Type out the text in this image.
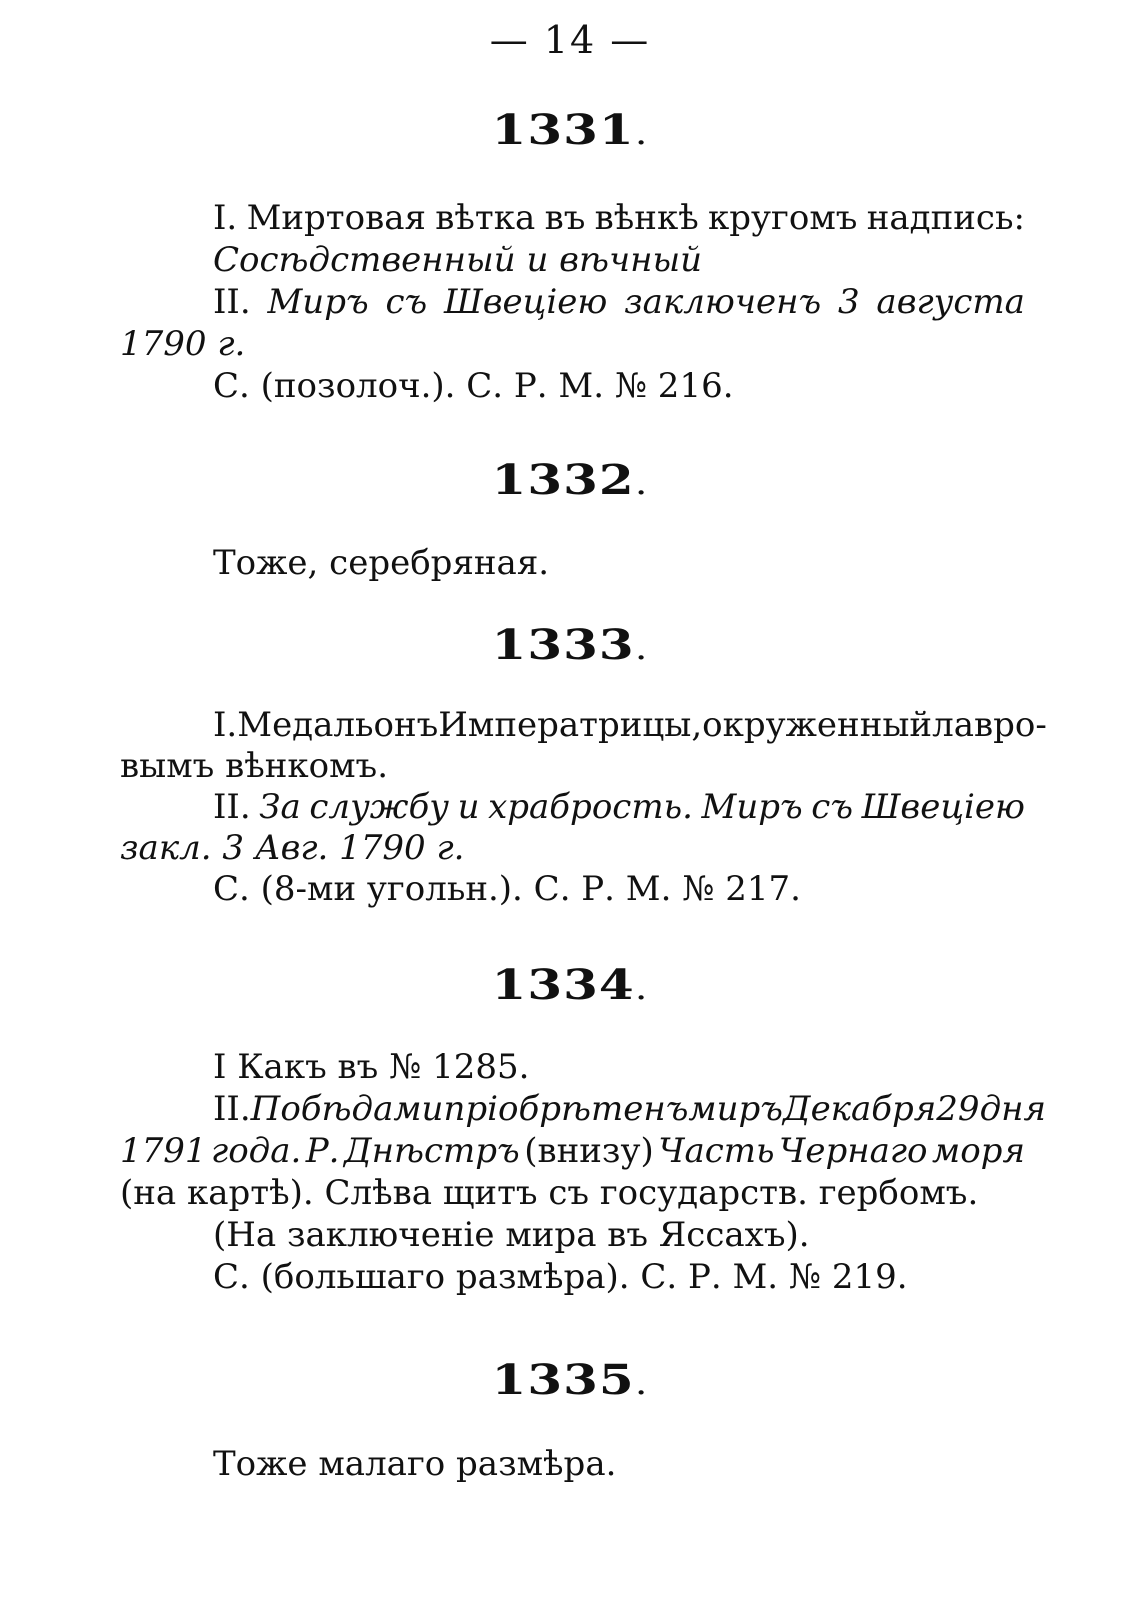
— 14 —
1331.
I. Миртовая вѣтка въ вѣнкѣ кругомъ надпись:
Сосѣдственный и вѣчный
II. Миръ съ Швеціею заключенъ 3 августа
1790 г.
С. (позолоч.). С. Р. М. № 216.
1332.
Тоже, серебряная.
1333.
I. Медальонъ Императрицы, окруженный лавро-
вымъ вѣнкомъ.
II. За службу и храбрость. Миръ съ Швеціею
закл. 3 Авг. 1790 г.
С. (8-ми угольн.). С. Р. М. № 217.
1334.
I Какъ въ № 1285.
II. Побѣдами пріобрѣтенъ миръ Декабря 29 дня
1791 года. Р. Днѣстръ (внизу) Часть Чернаго моря
(на картѣ). Слѣва щитъ съ государств. гербомъ.
(На заключеніе мира въ Яссахъ).
С. (большаго размѣра). С. Р. М. № 219.
1335.
Тоже малаго размѣра.
